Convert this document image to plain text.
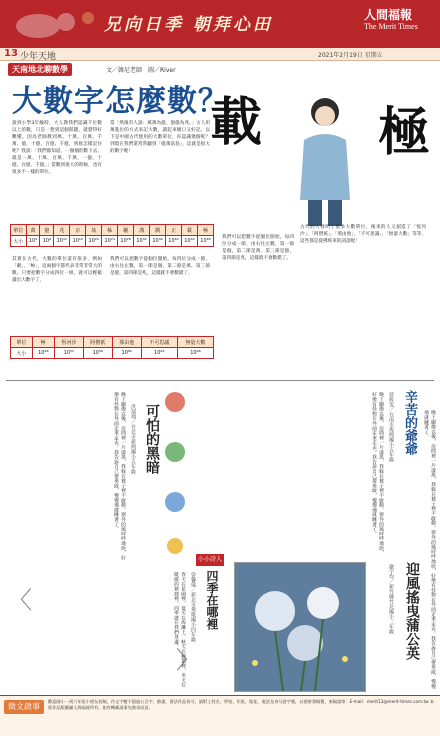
兄向日季 朝拜心田	人間福報
The Merit Times
13 少年天地	2021年2月19日 星期五
天南地北聊數學	文／韓尼老師　圖／River
大數字怎麼數？
載 極
說到小學3年級時，大人教我們認識千位數以上的數，只是一想到這個問題，就覺得好難懂。因為老師教到萬、十萬、百萬、千萬、億、十億、百億、千億，到底怎樣記住呢？我說：「我們都知道，一個個的數下去，就是一萬、十萬、百萬、千萬，一億、十億、百億、千億。」當數到很大的時候，也有很多不一樣的單位。
當「然後有人說：萬萬為億，億億為兆。」古人用萬進位的方式來記大數，讀起來順口又好記。以下是中國古代使用的大數單位，你認識幾個呢？到現在我們還常常聽到「億萬富翁」，這就是很大的數字喔！
單位	萬	億	兆	京	垓	秭	穰	溝	澗	正	載	極
大小	10⁴	10⁸	10¹²	10¹⁶	10²⁰	10²⁴	10²⁸	10³²	10³⁶	10⁴⁰	10⁴⁴	10⁴⁸
其實在古代，大數的單位還有很多，例如「載」、「極」，這兩個字都代表非常非常大的數。只要把數字分成四位一組，就可以輕鬆讀出大數字了。
我們可以把數字從個位開始，每四位分成一節，由右往左數，第一節是個，第二節是萬，第三節是億，第四節是兆，這樣就不會數錯了。
單位	極	恆河沙	阿僧祇	那由他	不可思議	無量大數
大小	10⁴⁸	10⁵²	10⁵⁶	10⁶⁰	10⁶⁴	10⁶⁸
我們可以把數字從個位開始，每四位分成一節，由右往左數，第一節是個，第二節是萬，第三節是億，第四節是兆，這樣就不會數錯了。
古代的人發明了很多大數單位，後來的人又創造了「恆河沙」、「阿僧祇」、「那由他」、「不可思議」、「無量大數」等等，這些都是從佛經來的詞語喔！
晚上關燈以後，房間裡一片漆黑，我躲在被子裡不敢動。窗外的風呼呼地吹，好像有怪物在外面走來走去。我告訴自己要勇敢，慢慢地就睡著了。
辛苦的爺爺
曾筱雯／台南市復興國小五年級
晚上關燈以後，房間裡一片漆黑，我躲在被子裡不敢動。窗外的風呼呼地吹，好像有怪物在外面走來走去。我告訴自己要勇敢，慢慢地就睡著了。
可怕的黑暗
洪瑞翔／台北市新興國小五年級
晚上關燈以後，房間裡一片漆黑，我躲在被子裡不敢動。窗外的風呼呼地吹，好像有怪物在外面走來走去。我告訴自己要勇敢，慢慢地就睡著了。
小小詩人
四季在哪裡
曾馨儀／新北市鶯歌國小四年級
春天在花園裡，夏天在海灘上，秋天在楓葉裡，冬天在暖暖的被窩裡。四季就在我們身邊。
〈
〉	迎風搖曳蒲公英
嚴宇均／新竹縣竹北國小三年級
徵文啟事
歡迎國小一到六年級小朋友投稿，作文字數不超過五百字，繪畫、書法作品皆可。請附上姓名、學校、年級、地址、電話及身分證字號，以便寄發稿費。來稿請寄：E-mail：merit13@merit-times.com.tw 本版作品版權屬人間福報所有，如有轉載請事先徵求同意。
